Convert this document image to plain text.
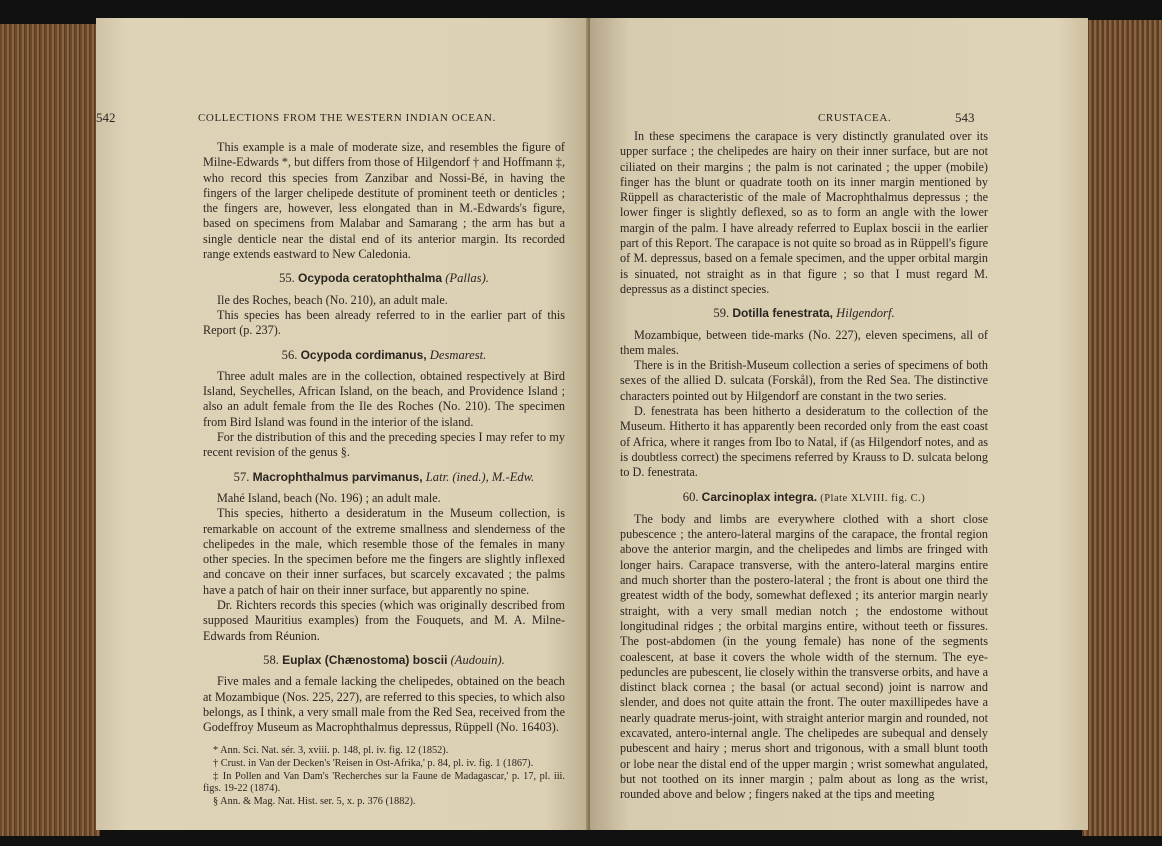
542	COLLECTIONS FROM THE WESTERN INDIAN OCEAN.

This example is a male of moderate size, and resembles the figure of Milne-Edwards *, but differs from those of Hilgendorf † and Hoffmann ‡, who record this species from Zanzibar and Nossi-Bé, in having the fingers of the larger chelipede destitute of prominent teeth or denticles ; the fingers are, however, less elongated than in M.-Edwards's figure, based on specimens from Malabar and Samarang ; the arm has but a single denticle near the distal end of its anterior margin. Its recorded range extends eastward to New Caledonia.

55. Ocypoda ceratophthalma (Pallas).

Ile des Roches, beach (No. 210), an adult male.

This species has been already referred to in the earlier part of this Report (p. 237).

56. Ocypoda cordimanus, Desmarest.

Three adult males are in the collection, obtained respectively at Bird Island, Seychelles, African Island, on the beach, and Providence Island ; also an adult female from the Ile des Roches (No. 210). The specimen from Bird Island was found in the interior of the island.

For the distribution of this and the preceding species I may refer to my recent revision of the genus §.

57. Macrophthalmus parvimanus, Latr. (ined.), M.-Edw.

Mahé Island, beach (No. 196) ; an adult male.

This species, hitherto a desideratum in the Museum collection, is remarkable on account of the extreme smallness and slenderness of the chelipedes in the male, which resemble those of the females in many other species. In the specimen before me the fingers are slightly inflexed and concave on their inner surfaces, but scarcely excavated ; the palms have a patch of hair on their inner surface, but apparently no spine.

Dr. Richters records this species (which was originally described from supposed Mauritius examples) from the Fouquets, and M. A. Milne-Edwards from Réunion.

58. Euplax (Chænostoma) boscii (Audouin).

Five males and a female lacking the chelipedes, obtained on the beach at Mozambique (Nos. 225, 227), are referred to this species, to which also belongs, as I think, a very small male from the Red Sea, received from the Godeffroy Museum as Macrophthalmus depressus, Rüppell (No. 16403).

* Ann. Sci. Nat. sér. 3, xviii. p. 148, pl. iv. fig. 12 (1852).

† Crust. in Van der Decken's 'Reisen in Ost-Afrika,' p. 84, pl. iv. fig. 1 (1867).

‡ In Pollen and Van Dam's 'Recherches sur la Faune de Madagascar,' p. 17, pl. iii. figs. 19-22 (1874).

§ Ann. & Mag. Nat. Hist. ser. 5, x. p. 376 (1882).

CRUSTACEA.	543

In these specimens the carapace is very distinctly granulated over its upper surface ; the chelipedes are hairy on their inner surface, but are not ciliated on their margins ; the palm is not carinated ; the upper (mobile) finger has the blunt or quadrate tooth on its inner margin mentioned by Rüppell as characteristic of the male of Macrophthalmus depressus ; the lower finger is slightly deflexed, so as to form an angle with the lower margin of the palm. I have already referred to Euplax boscii in the earlier part of this Report. The carapace is not quite so broad as in Rüppell's figure of M. depressus, based on a female specimen, and the upper orbital margin is sinuated, not straight as in that figure ; so that I must regard M. depressus as a distinct species.

59. Dotilla fenestrata, Hilgendorf.

Mozambique, between tide-marks (No. 227), eleven specimens, all of them males.

There is in the British-Museum collection a series of specimens of both sexes of the allied D. sulcata (Forskål), from the Red Sea. The distinctive characters pointed out by Hilgendorf are constant in the two series.

D. fenestrata has been hitherto a desideratum to the collection of the Museum. Hitherto it has apparently been recorded only from the east coast of Africa, where it ranges from Ibo to Natal, if (as Hilgendorf notes, and as is doubtless correct) the specimens referred by Krauss to D. sulcata belong to D. fenestrata.

60. Carcinoplax integra. (Plate XLVIII. fig. C.)

The body and limbs are everywhere clothed with a short close pubescence ; the antero-lateral margins of the carapace, the frontal region above the anterior margin, and the chelipedes and limbs are fringed with longer hairs. Carapace transverse, with the antero-lateral margins entire and much shorter than the postero-lateral ; the front is about one third the greatest width of the body, somewhat deflexed ; its anterior margin nearly straight, with a very small median notch ; the endostome without longitudinal ridges ; the orbital margins entire, without teeth or fissures. The post-abdomen (in the young female) has none of the segments coalescent, at base it covers the whole width of the sternum. The eye-peduncles are pubescent, lie closely within the transverse orbits, and have a distinct black cornea ; the basal (or actual second) joint is narrow and slender, and does not quite attain the front. The outer maxillipedes have a nearly quadrate merus-joint, with straight anterior margin and rounded, not excavated, antero-internal angle. The chelipedes are subequal and densely pubescent and hairy ; merus short and trigonous, with a small blunt tooth or lobe near the distal end of the upper margin ; wrist somewhat angulated, but not toothed on its inner margin ; palm about as long as the wrist, rounded above and below ; fingers naked at the tips and meeting
